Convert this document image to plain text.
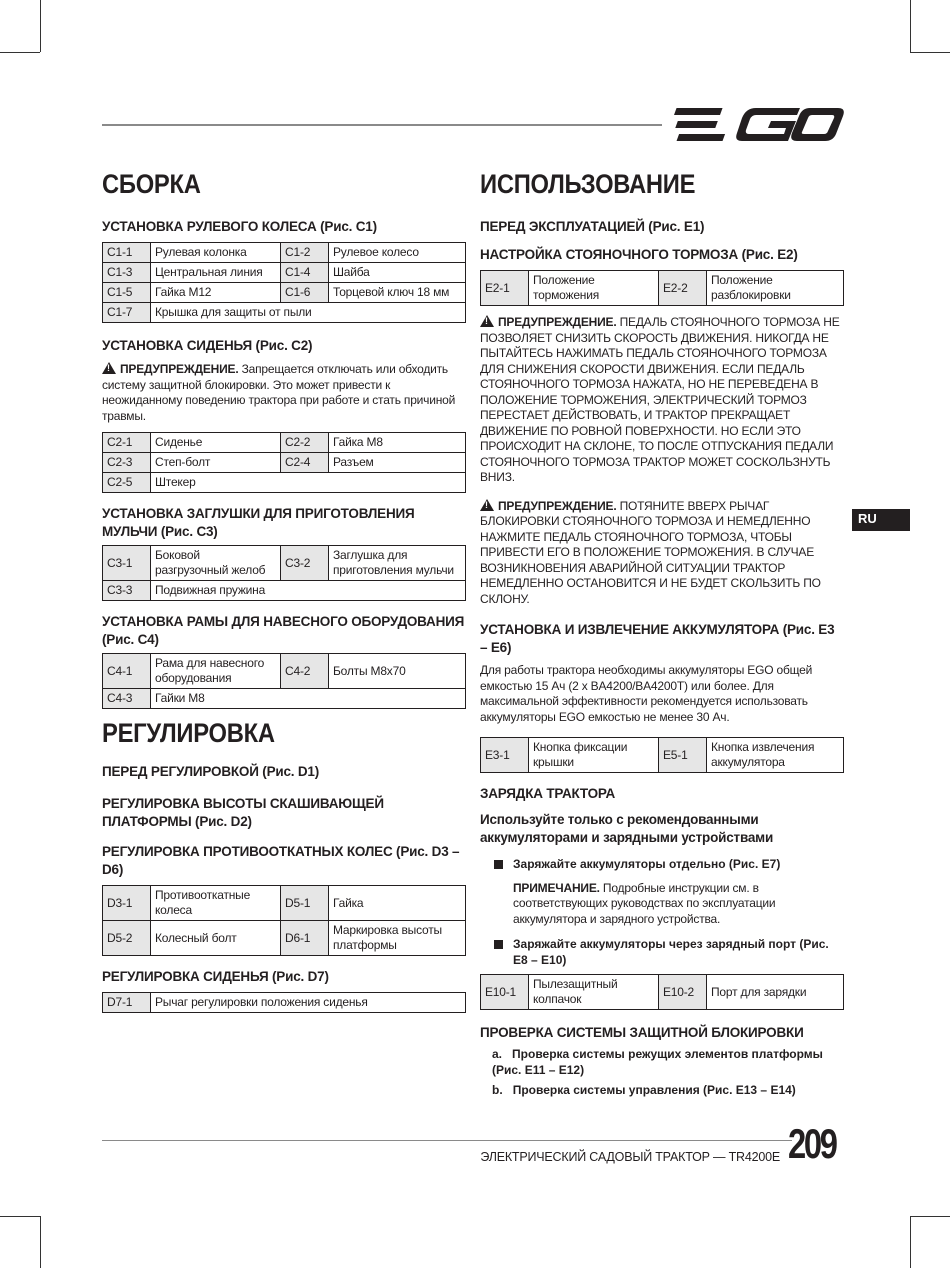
RU
СБОРКА
УСТАНОВКА РУЛЕВОГО КОЛЕСА (Рис. C1)
C1-1	Рулевая колонка	C1-2	Рулевое колесо
C1-3	Центральная линия	C1-4	Шайба
C1-5	Гайка M12	C1-6	Торцевой ключ 18 мм
C1-7	Крышка для защиты от пыли		
УСТАНОВКА СИДЕНЬЯ (Рис. C2)
!ПРЕДУПРЕЖДЕНИЕ. Запрещается отключать или обходить систему защитной блокировки. Это может привести к неожиданному поведению трактора при работе и стать причиной травмы.
C2-1	Сиденье	C2-2	Гайка M8
C2-3	Степ-болт	C2-4	Разъем
C2-5	Штекер		
УСТАНОВКА ЗАГЛУШКИ ДЛЯ ПРИГОТОВЛЕНИЯ МУЛЬЧИ (Рис. C3)
C3-1	Боковой разгрузочный желоб	C3-2	Заглушка для приготовления мульчи
C3-3	Подвижная пружина		
УСТАНОВКА РАМЫ ДЛЯ НАВЕСНОГО ОБОРУДОВАНИЯ (Рис. C4)
C4-1	Рама для навесного оборудования	C4-2	Болты M8x70
C4-3	Гайки M8		
РЕГУЛИРОВКА
ПЕРЕД РЕГУЛИРОВКОЙ (Рис. D1)
РЕГУЛИРОВКА ВЫСОТЫ СКАШИВАЮЩЕЙ ПЛАТФОРМЫ (Рис. D2)
РЕГУЛИРОВКА ПРОТИВООТКАТНЫХ КОЛЕС (Рис. D3 – D6)
D3-1	Противооткатные колеса	D5-1	Гайка
D5-2	Колесный болт	D6-1	Маркировка высоты платформы
РЕГУЛИРОВКА СИДЕНЬЯ (Рис. D7)
D7-1	Рычаг регулировки положения сиденья
ИСПОЛЬЗОВАНИЕ
ПЕРЕД ЭКСПЛУАТАЦИЕЙ (Рис. E1)
НАСТРОЙКА СТОЯНОЧНОГО ТОРМОЗА (Рис. E2)
E2-1	Положение торможения	E2-2	Положение разблокировки
!ПРЕДУПРЕЖДЕНИЕ. ПЕДАЛЬ СТОЯНОЧНОГО ТОРМОЗА НЕ ПОЗВОЛЯЕТ СНИЗИТЬ СКОРОСТЬ ДВИЖЕНИЯ. НИКОГДА НЕ ПЫТАЙТЕСЬ НАЖИМАТЬ ПЕДАЛЬ СТОЯНОЧНОГО ТОРМОЗА ДЛЯ СНИЖЕНИЯ СКОРОСТИ ДВИЖЕНИЯ. ЕСЛИ ПЕДАЛЬ СТОЯНОЧНОГО ТОРМОЗА НАЖАТА, НО НЕ ПЕРЕВЕДЕНА В ПОЛОЖЕНИЕ ТОРМОЖЕНИЯ, ЭЛЕКТРИЧЕСКИЙ ТОРМОЗ ПЕРЕСТАЕТ ДЕЙСТВОВАТЬ, И ТРАКТОР ПРЕКРАЩАЕТ ДВИЖЕНИЕ ПО РОВНОЙ ПОВЕРХНОСТИ. НО ЕСЛИ ЭТО ПРОИСХОДИТ НА СКЛОНЕ, ТО ПОСЛЕ ОТПУСКАНИЯ ПЕДАЛИ СТОЯНОЧНОГО ТОРМОЗА ТРАКТОР МОЖЕТ СОСКОЛЬЗНУТЬ ВНИЗ.
!ПРЕДУПРЕЖДЕНИЕ. ПОТЯНИТЕ ВВЕРХ РЫЧАГ БЛОКИРОВКИ СТОЯНОЧНОГО ТОРМОЗА И НЕМЕДЛЕННО НАЖМИТЕ ПЕДАЛЬ СТОЯНОЧНОГО ТОРМОЗА, ЧТОБЫ ПРИВЕСТИ ЕГО В ПОЛОЖЕНИЕ ТОРМОЖЕНИЯ. В СЛУЧАЕ ВОЗНИКНОВЕНИЯ АВАРИЙНОЙ СИТУАЦИИ ТРАКТОР НЕМЕДЛЕННО ОСТАНОВИТСЯ И НЕ БУДЕТ СКОЛЬЗИТЬ ПО СКЛОНУ.
УСТАНОВКА И ИЗВЛЕЧЕНИЕ АККУМУЛЯТОРА (Рис. E3 – E6)
Для работы трактора необходимы аккумуляторы EGO общей емкостью 15 Ач (2 x BA4200/BA4200T) или более. Для максимальной эффективности рекомендуется использовать аккумуляторы EGO емкостью не менее 30 Ач.
E3-1	Кнопка фиксации крышки	E5-1	Кнопка извлечения аккумулятора
ЗАРЯДКА ТРАКТОРА
Используйте только с рекомендованными аккумуляторами и зарядными устройствами
Заряжайте аккумуляторы отдельно (Рис. E7)
ПРИМЕЧАНИЕ. Подробные инструкции см. в соответствующих руководствах по эксплуатации аккумулятора и зарядного устройства.
Заряжайте аккумуляторы через зарядный порт (Рис. E8 – E10)
E10-1	Пылезащитный колпачок	E10-2	Порт для зарядки
ПРОВЕРКА СИСТЕМЫ ЗАЩИТНОЙ БЛОКИРОВКИ
a. Проверка системы режущих элементов платформы (Рис. E11 – E12)
b. Проверка системы управления (Рис. E13 – E14)
ЭЛЕКТРИЧЕСКИЙ САДОВЫЙ ТРАКТОР — TR4200E 209
